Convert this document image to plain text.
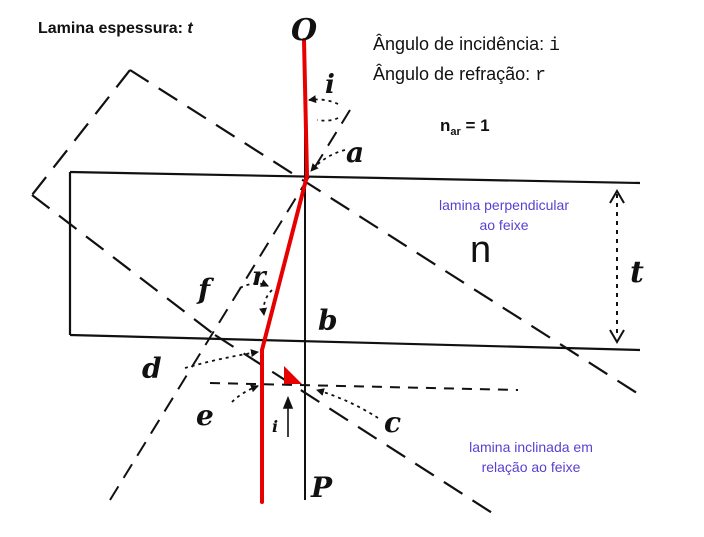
Lamina espessura: t
Ângulo de incidência: i
Ângulo de refração: r
$n_{ar} = 1$
lamina perpendicular
ao feixe
lamina inclinada em
relação ao feixe
O
i
a
n
t
f r
b
d
e	c
i
P
